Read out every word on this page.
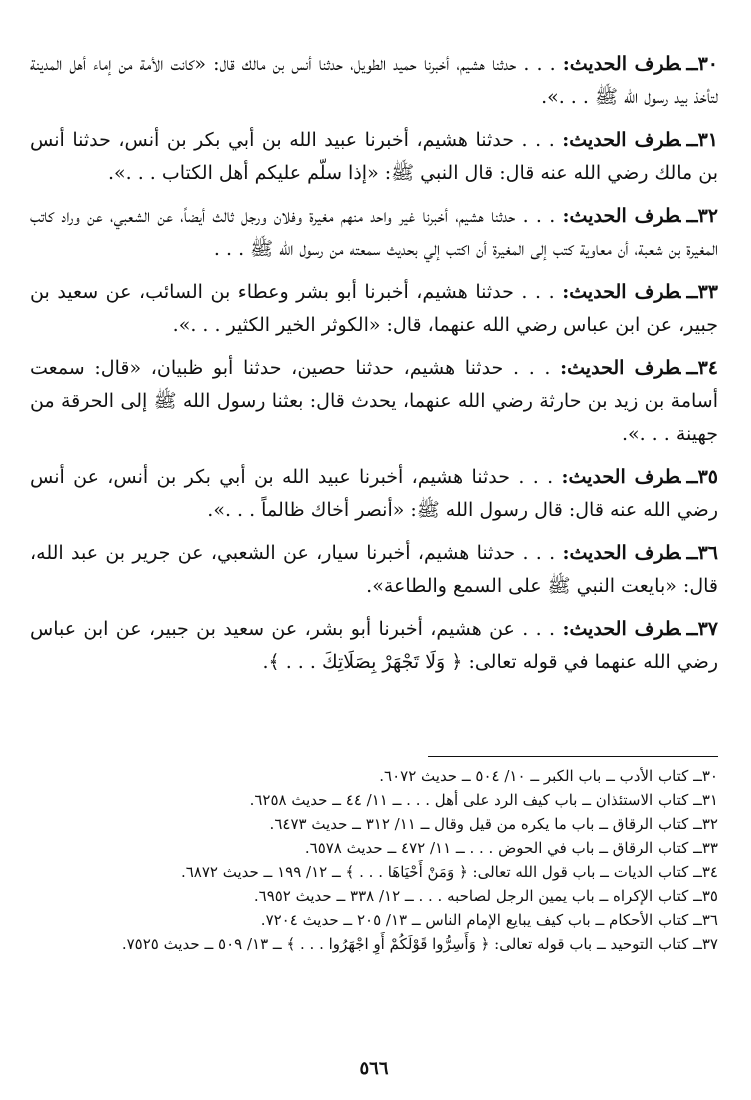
٣٠ــطرف الحديث: . . . حدثنا هشيم، أخبرنا حميد الطويل، حدثنا أنس بن مالك قال: «كانت الأمة من إماء أهل المدينة لتأخذ بيد رسول الله ﷺ . . .».

٣١ــطرف الحديث: . . . حدثنا هشيم، أخبرنا عبيد الله بن أبي بكر بن أنس، حدثنا أنس بن مالك رضي الله عنه قال: قال النبي ﷺ: «إذا سلّم عليكم أهل الكتاب . . .».

٣٢ــطرف الحديث: . . . حدثنا هشيم، أخبرنا غير واحد منهم مغيرة وفلان ورجل ثالث أيضاً، عن الشعبي، عن وراد كاتب المغيرة بن شعبة، أن معاوية كتب إلى المغيرة أن اكتب إلي بحديث سمعته من رسول الله ﷺ . . .

٣٣ــطرف الحديث: . . . حدثنا هشيم، أخبرنا أبو بشر وعطاء بن السائب، عن سعيد بن جبير، عن ابن عباس رضي الله عنهما، قال: «الكوثر الخير الكثير . . .».

٣٤ــطرف الحديث: . . . حدثنا هشيم، حدثنا حصين، حدثنا أبو ظبيان، «قال: سمعت أسامة بن زيد بن حارثة رضي الله عنهما، يحدث قال: بعثنا رسول الله ﷺ إلى الحرقة من جهينة . . .».

٣٥ــطرف الحديث: . . . حدثنا هشيم، أخبرنا عبيد الله بن أبي بكر بن أنس، عن أنس رضي الله عنه قال: قال رسول الله ﷺ: «أنصر أخاك ظالماً . . .».

٣٦ــطرف الحديث: . . . حدثنا هشيم، أخبرنا سيار، عن الشعبي، عن جرير بن عبد الله، قال: «بايعت النبي ﷺ على السمع والطاعة».

٣٧ــطرف الحديث: . . . عن هشيم، أخبرنا أبو بشر، عن سعيد بن جبير، عن ابن عباس رضي الله عنهما في قوله تعالى: ﴿ وَلَا تَجْهَرْ بِصَلَاتِكَ . . . ﴾.

٣٠ــ كتاب الأدب ــ باب الكبر ــ ١٠/ ٥٠٤ ــ حديث ٦٠٧٢.
٣١ــ كتاب الاستئذان ــ باب كيف الرد على أهل . . . ــ ١١/ ٤٤ ــ حديث ٦٢٥٨.
٣٢ــ كتاب الرقاق ــ باب ما يكره من قيل وقال ــ ١١/ ٣١٢ ــ حديث ٦٤٧٣.
٣٣ــ كتاب الرقاق ــ باب في الحوض . . . ــ ١١/ ٤٧٢ ــ حديث ٦٥٧٨.
٣٤ــ كتاب الديات ــ باب قول الله تعالى: ﴿ وَمَنْ أَحْيَاهَا . . . ﴾ ــ ١٢/ ١٩٩ ــ حديث ٦٨٧٢.
٣٥ــ كتاب الإكراه ــ باب يمين الرجل لصاحبه . . . ــ ١٢/ ٣٣٨ ــ حديث ٦٩٥٢.
٣٦ــ كتاب الأحكام ــ باب كيف يبايع الإمام الناس ــ ١٣/ ٢٠٥ ــ حديث ٧٢٠٤.
٣٧ــ كتاب التوحيد ــ باب قوله تعالى: ﴿ وَأَسِرُّوا قَوْلَكُمْ أَوِ اجْهَرُوا . . . ﴾ ــ ١٣/ ٥٠٩ ــ حديث ٧٥٢٥.
٥٦٦
